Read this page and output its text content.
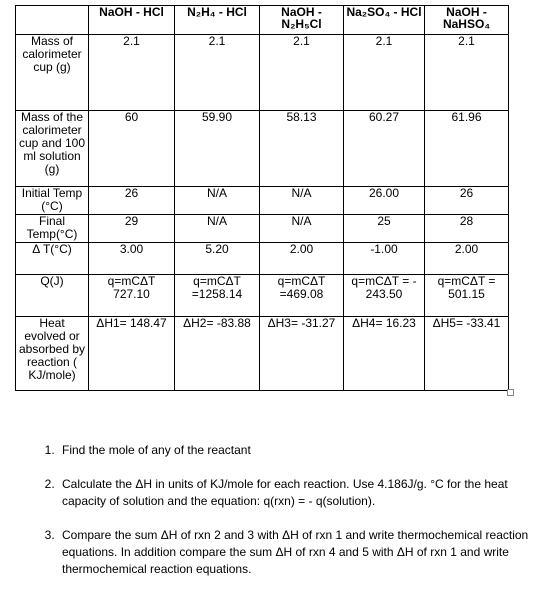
	NaOH - HCl	N₂H₄ - HCl	NaOH - N₂H₅Cl	Na₂SO₄ - HCl	NaOH - NaHSO₄
Mass of calorimeter cup (g)	2.1	2.1	2.1	2.1	2.1
Mass of the calorimeter cup and 100 ml solution (g)	60	59.90	58.13	60.27	61.96
Initial Temp (°C)	26	N/A	N/A	26.00	26
Final Temp(°C)	29	N/A	N/A	25	28
Δ T(°C)	3.00	5.20	2.00	-1.00	2.00
Q(J)	q=mCΔT 727.10	q=mCΔT =1258.14	q=mCΔT =469.08	q=mCΔT = - 243.50	q=mCΔT = 501.15
Heat evolved or absorbed by reaction ( KJ/mole)	ΔH1= 148.47	ΔH2= -83.88	ΔH3= -31.27	ΔH4= 16.23	ΔH5= -33.41
1. Find the mole of any of the reactant
2. Calculate the ΔH in units of KJ/mole for each reaction. Use 4.186J/g. °C for the heat capacity of solution and the equation: q(rxn) = - q(solution).
3. Compare the sum ΔH of rxn 2 and 3 with ΔH of rxn 1 and write thermochemical reaction equations. In addition compare the sum ΔH of rxn 4 and 5 with ΔH of rxn 1 and write thermochemical reaction equations.
